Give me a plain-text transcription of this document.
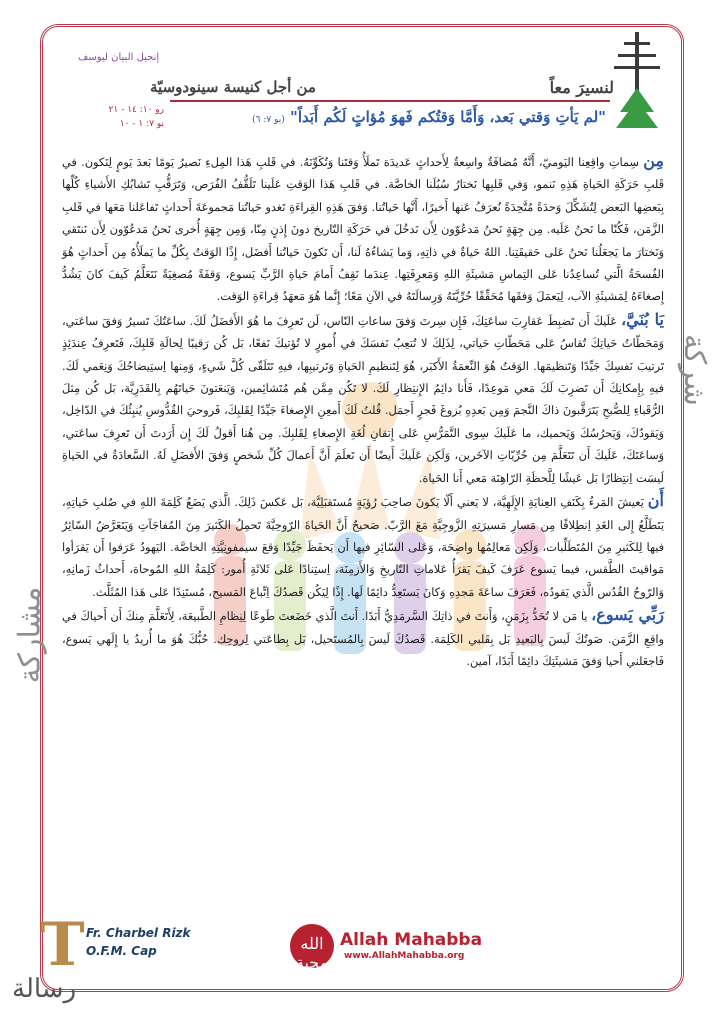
شركة
مشاركة
رسالة
إنجيل البيان ليوسف
لنسيرَ معاً
من أجل كنيسة سينودوسيّة
"لم يَأتِ وَقتي بَعد، وَأَمَّا وَقتُكم فَهوَ مُؤاتٍ لَكُم أَبَداً" (يو ٧: ٦)
رو ١٠: ١٤ - ٢١
يو ٧: ١ - ١٠

مِن سِماتِ واقِعِنا اليَوميّ، أَنَّهُ مُضافَةٌ واسِعةٌ لِأَحداثٍ عَديدَة تَملَأُ وَقتَنا وَتُكَوِّنَهُ. في قَلبِ هَذا المِلءِ نَصيرُ يَومًا بَعدَ يَومٍ لِنَكون. في قَلبِ حَرَكَةِ الحَياةِ هَذِهِ نَنمو، وَفي قَلبِها نَختارُ سُبُلَنا الخاصَّة. في قَلبِ هَذا الوَقتِ عَلَينا تَلَقُّفُ الفُرَص، وَتَرَقُّبِ تَشابُكِ الأَشياءِ كُلِّها بِبَعضِها البَعض لِتُشَكِّلَ وَحدَةً مُتَّحِدَةً نُعرَفُ عَنها أَخيرًا، أَنَّها حَياتُنا. وَفقَ هَذِهِ القِراءَةِ تَغدو حَياتُنا مَجموعَةَ أَحداثٍ تَفاعَلنا مَعَها في قَلبِ الزَّمَن، فَكُنّا ما نَحنُ عَلَيه. مِن جِهَةٍ نَحنُ مَدعُوّون لِأَن نَدخُلَ في حَرَكَةِ التّاريخ دونَ إِذنٍ مِنّا، وَمِن جِهَةٍ أُخرى نَحنُ مَدعُوّون لِأَن نَنتَقي وَنَختارَ ما يَجعَلُنا نَحنُ عَلى حَقيقَتِنا. اللهُ حَياةٌ في ذاتِهِ، وَما يَشاءُهُ لَنا، أَن تَكونَ حَياتُنا أَفضَل، إِذًا الوَقتُ بِكُلِّ ما يَملَأُهُ مِن أَحداثٍ هُوَ الفُسحَةُ الَّتي تُساعِدُنا عَلى التِماسِ مَشيئَةِ اللهِ وَمَعرِفَتِها. عِندَما نَقِفُ أَمامَ حَياةِ الرَّبِّ يَسوع، وَقفَةً مُصغِيَةً نَتَعَلَّمُ كَيفَ كانَ يَشُدُّ إِصغاءَهُ لِمَشيئَةِ الآب، لِيَعمَلَ وَفقَها مُحَقِّقًا حُرِّيَّتَهُ وَرِسالَتَهُ في الآنِ مَعًا؛ إِنَّما هُوَ مَعهَدُ قِراءَةِ الوَقت.

يَا بُنَيَّ، عَلَيكَ أَن تَضبِطَ عَقارِبَ ساعَتِكَ، فَإِن سِرتَ وَفقَ ساعاتِ النّاس، لَن تَعرِفَ ما هُوَ الأَفضَلُ لَكَ. ساعَتُكَ تَسيرُ وَفقَ ساعَتي، وَمَحَطّاتُ حَياتِكَ تُقاسُ عَلى مَحَطّاتِ حَياتي، لِذَلِكَ لا تُتعِبُ نَفسَكَ في أُمورٍ لا تُؤتيكَ نَفعًا، بَل كُن رَقيبًا لِحالَةِ قَلبِكَ، فَتَعرِفُ عِندَئِذٍ تَرتيبَ نَفسِكَ جَيِّدًا وَتَنظيمَها. الوَقتُ هُوَ النِّعمَةُ الأَكبَر، هُوَ لِتَنظيمِ الحَياةِ وَتَرتيبِها، فيهِ تَتَلَقّى كُلَّ شَيءٍ، وَمِنها اِستِيضاحُكَ وَنِعَمي لَكَ. فيهِ بِإِمكانِكَ أَن تَضرِبَ لَكَ مَعي مَوعِدًا، فَأَنا دائِمُ الإِنتِظارِ لَكَ. لا تَكُن مِمَّن هُم مُتَشائِمين، وَيَنعَتونَ حَياتَهُم بِالقَدَرِيَّة، بَل كُن مِثلَ الرُّقَباءِ لِلصُّبحِ يَتَرَقَّبونَ ذاكَ النَّجمَ وَمِن بَعدِهِ بُزوغَ فَجرٍ أَجمَل. قُلتُ لَكَ أَمعِنِ الإِصغاءَ جَيِّدًا لِقَلبِكَ، فَروحيَ القُدُّوسِ يُنبِئُكَ في الدّاخِل، وَيَقودُكَ، وَيَحرُسُكَ وَيَحميك، ما عَلَيكَ سِوى التَّمَرُّسِ عَلى إِتقانِ لُغَةِ الإِصغاءِ لِقَلبِكَ. مِن هُنا أَقولُ لَكَ إِن أَرَدتَ أَن تَعرِفَ ساعَتي، وَساعَتَكَ، عَلَيكَ أَن تَتَعَلَّمَ مِن حُرِّيّاتِ الآخَرين، وَلَكِن عَلَيكَ أَيضًا أَن تَعلَمَ أَنَّ أَعمالَ كُلِّ شَخصٍ وَفقَ الأَفضَلِ لَهُ. السَّعادَةُ في الحَياةِ لَيسَت اِنتِظارًا بَل عَيشًا لِلَّحظَةِ الرّاهِنَة مَعي أَنا الحَياة.

أَن يَعيشَ المَرءُ بِكَنَفِ العِنايَةِ الإِلَهِيَّة، لا يَعني أَلّا يَكونَ صاحِبَ رُؤيَةٍ مُستَقبَلِيَّة، بَل عَكسَ ذَلِكَ. الَّذي يَضَعُ كَلِمَةَ اللهِ في صُلبِ حَياتِهِ، يَتَطَلَّعُ إِلى الغَدِ اِنطِلاقًا مِن مَسارِ مَسيرَتِهِ الزَّوجِيَّةِ مَعَ الرَّبّ. صَحيحٌ أَنَّ الحَياةَ الرّوحِيَّةَ تَحمِلُ الكَثيرَ مِنَ المُفاجَآتِ وَيَتَعَرَّضُ السّائِرُ فيها لِلكَثيرِ مِنَ المُتَطَلِّبات، وَلَكِن مَعالِمُها واضِحَة، وَعَلى السّائِرِ فيها أَن يَحفَظَ جَيِّدًا وَقعَ سيمفونِيَّتِهِ الخاصَّة. اليَهودُ عَرَفوا أَن يَقرَأوا مَواقيتَ الطَّقس، فيما يَسوع عَرَفَ كَيفَ يَقرَأُ عَلاماتِ التّاريخِ وَالأَزمِنَة، اِستِنادًا عَلى ثَلاثَةِ أُمور: كَلِمَةُ اللهِ المُوحاة، أَحداثُ زَمانِهِ، وَالرّوحُ القُدُس الَّذي يَقودُه، فَعَرَفَ ساعَةَ مَجدِهِ وَكانَ يَستَعِدُّ دائِمًا لَها. إِذًا لِيَكُن قَصدُكَ اِتِّباعَ المَسيح، مُستَنِدًا عَلى هَذا المُثَلَّث.

رَبِّي يَسوع، يا مَن لا تُحَدُّ بِزَمَنٍ، وَأَنتَ في ذاتِكَ السَّرمَدِيُّ أَبَدًا. أَنتَ الَّذي خَضَعتَ طَوعًا لِنِظامِ الطَّبيعَة، لِأَتَعَلَّمَ مِنكَ أَن أَحياكَ في واقِعِ الزَّمَن. صَوتُكَ لَيسَ بِالبَعيدِ بَل بِقَلبي الكَلِمَة. قَصدُكَ لَيسَ بِالمُستَحيل، بَل بِطاعَتي لِروحِك. حُبُّكَ هُوَ ما أُريدُ يا إِلَهي يَسوع، فَاجعَلني أَحيا وَفقَ مَشيئَتِكَ دائِمًا أَبَدًا، آمين.

T Fr. Charbel Rizk
O.F.M. Cap	الله محبة
Allah Mahabba
www.AllahMahabba.org
